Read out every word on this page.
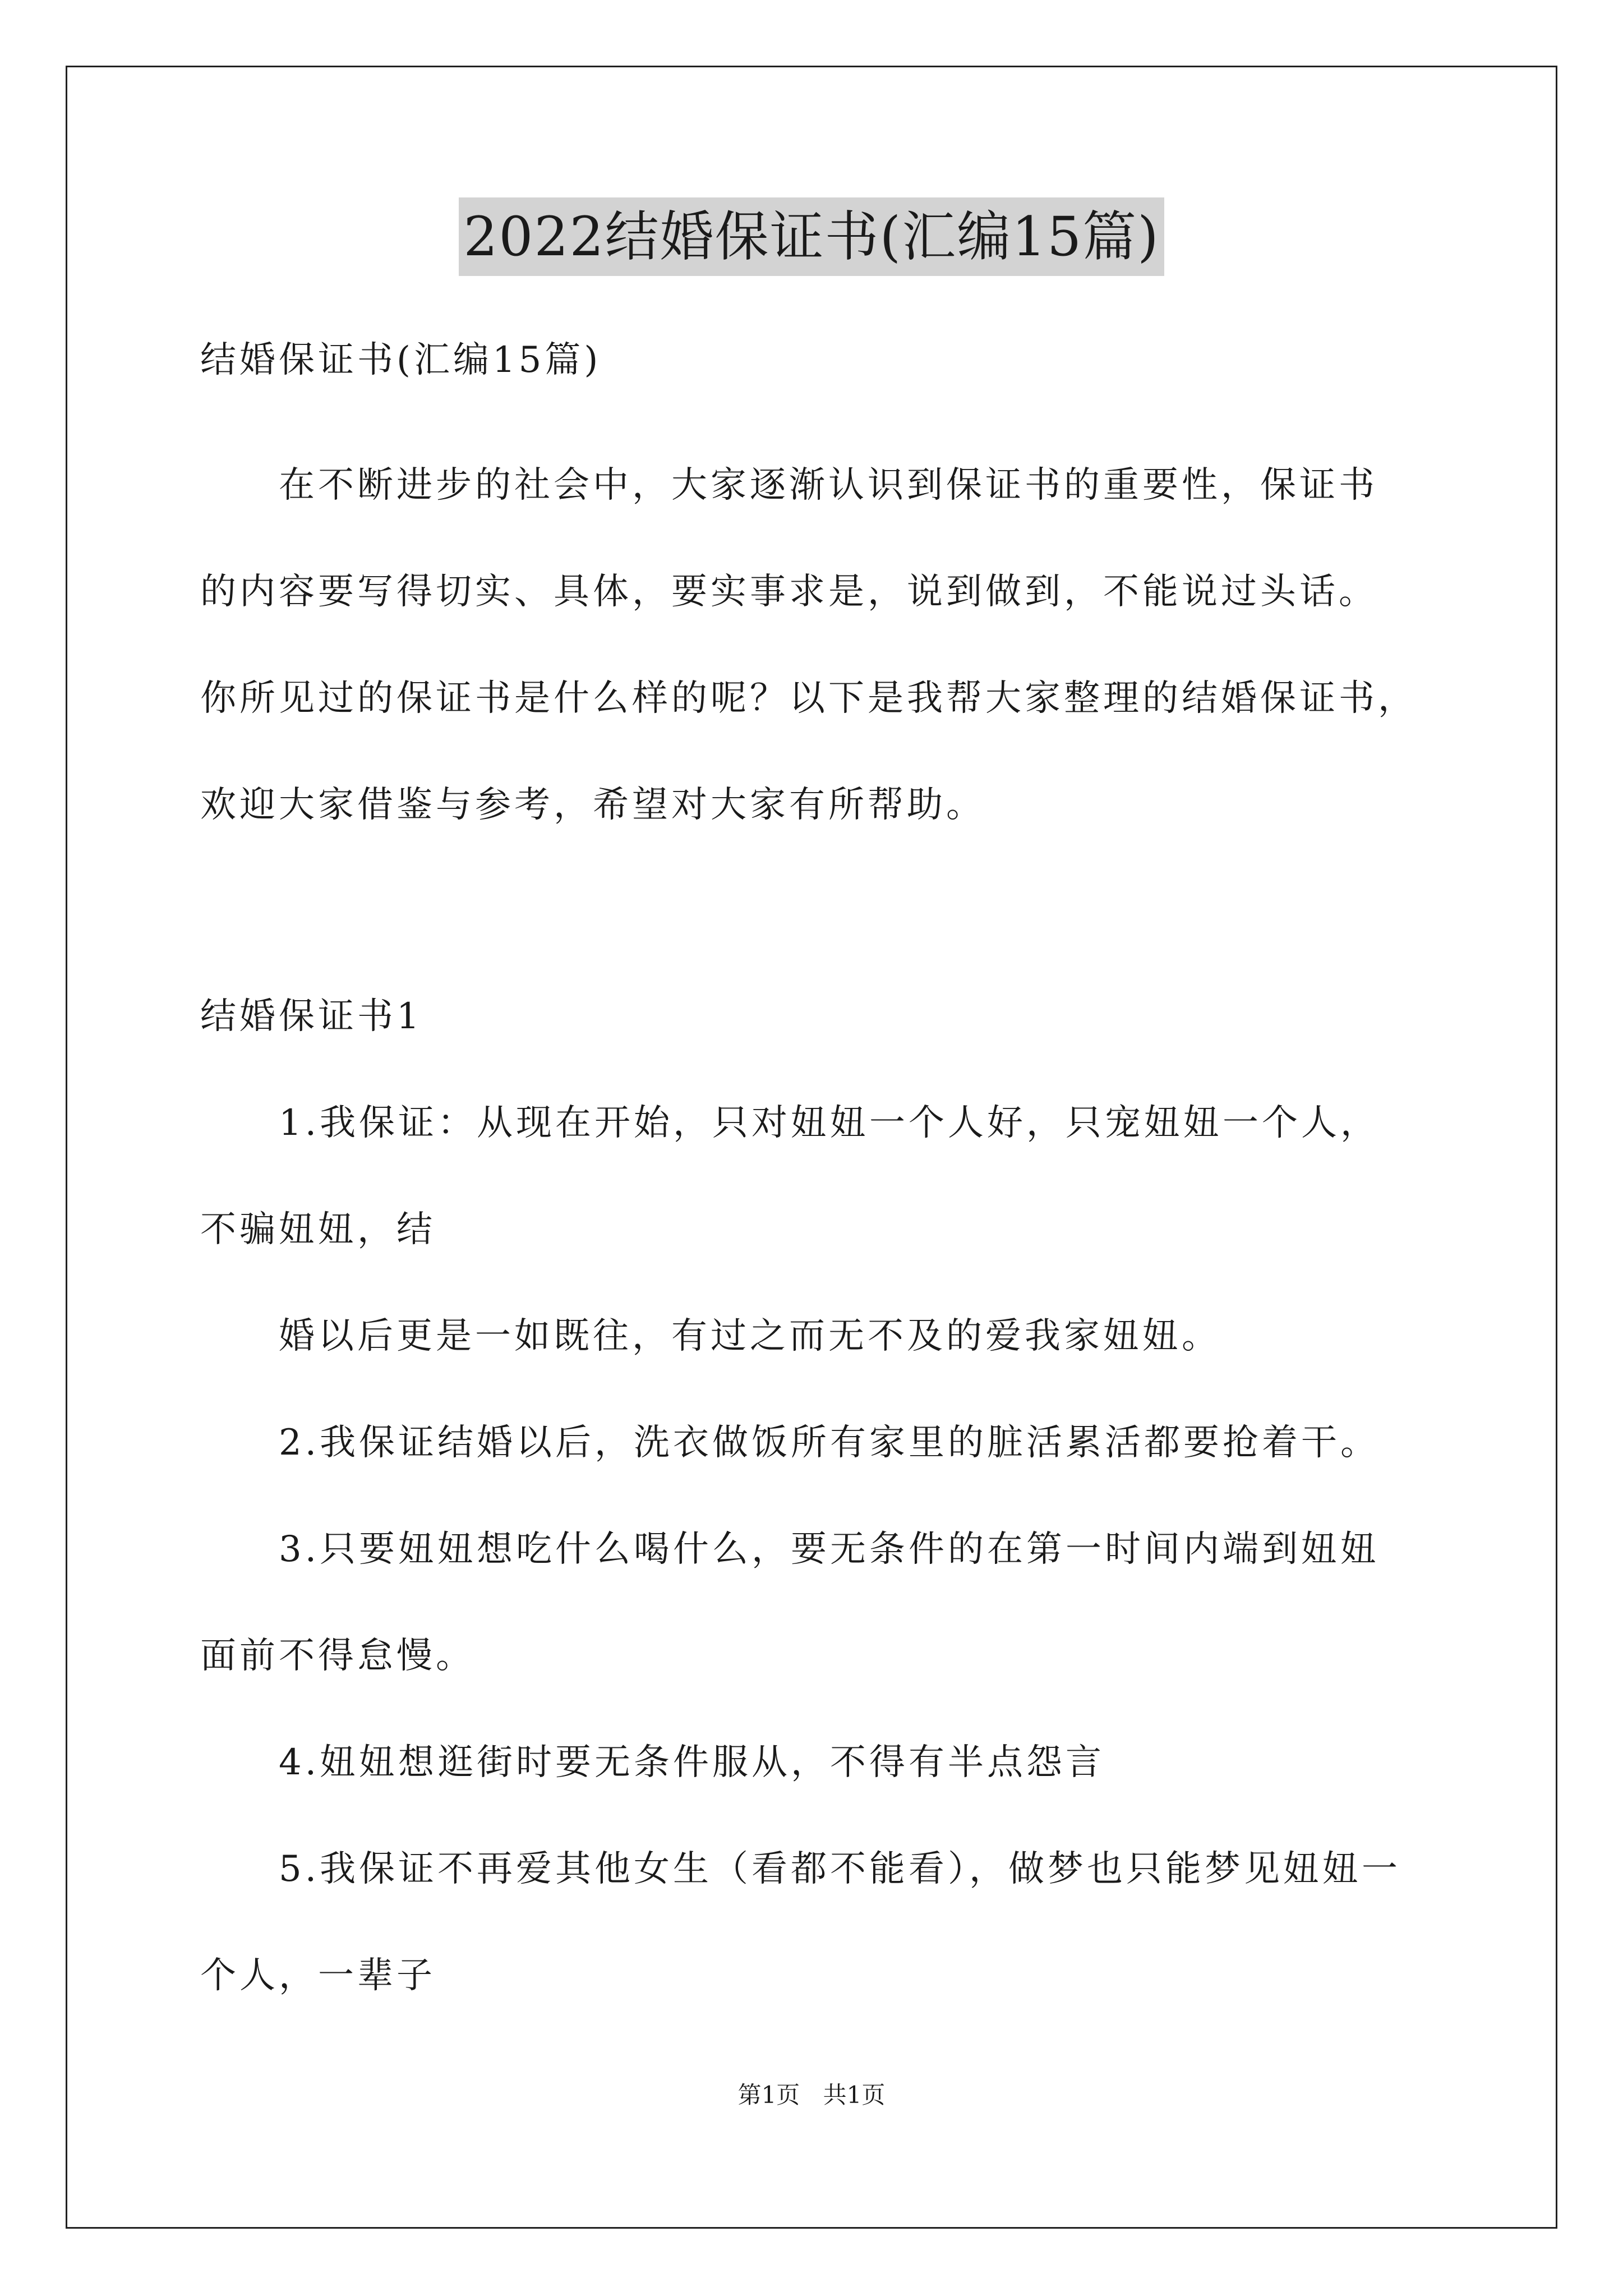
2022结婚保证书(汇编15篇)
结婚保证书(汇编15篇)
在不断进步的社会中，大家逐渐认识到保证书的重要性，保证书
的内容要写得切实、具体，要实事求是，说到做到，不能说过头话。
你所见过的保证书是什么样的呢？以下是我帮大家整理的结婚保证书，
欢迎大家借鉴与参考，希望对大家有所帮助。
结婚保证书1
1.我保证：从现在开始，只对妞妞一个人好，只宠妞妞一个人，
不骗妞妞，结
婚以后更是一如既往，有过之而无不及的爱我家妞妞。
2.我保证结婚以后，洗衣做饭所有家里的脏活累活都要抢着干。
3.只要妞妞想吃什么喝什么，要无条件的在第一时间内端到妞妞
面前不得怠慢。
4.妞妞想逛街时要无条件服从，不得有半点怨言
5.我保证不再爱其他女生（看都不能看），做梦也只能梦见妞妞一
个人，一辈子
第1页 共1页
